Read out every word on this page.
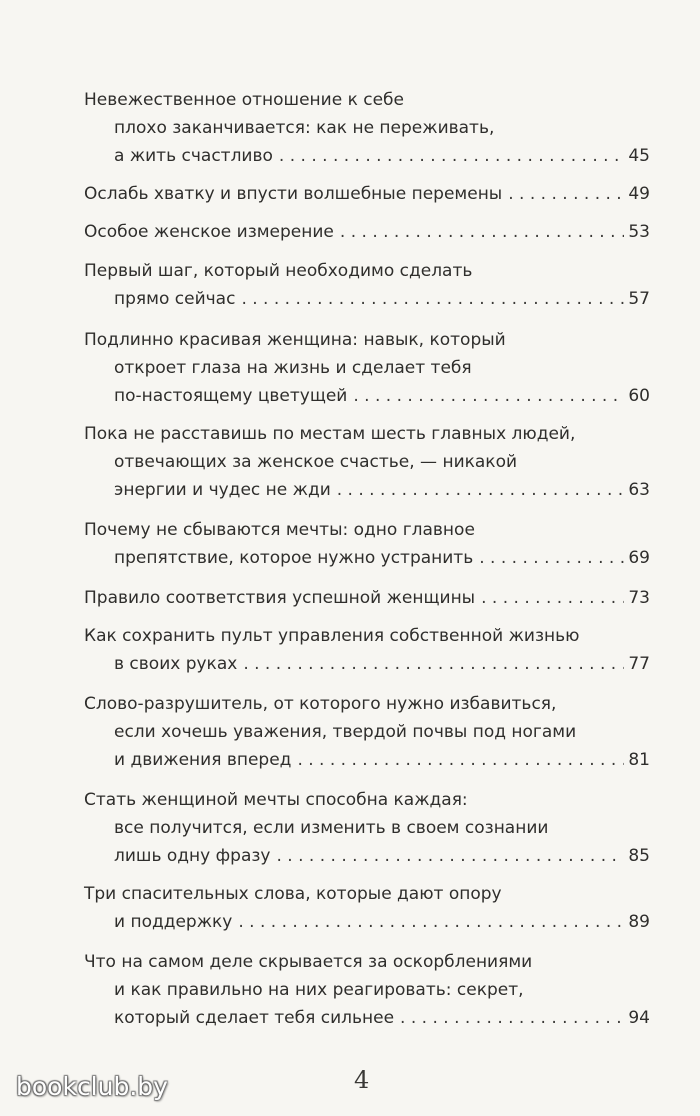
Невежественное отношение к себе
плохо заканчивается: как не переживать,
а жить счастливо . . .	45
Ослабь хватку и впусти волшебные перемены . . .	49
Особое женское измерение . . .	53
Первый шаг, который необходимо сделать
прямо сейчас . . .	57
Подлинно красивая женщина: навык, который
откроет глаза на жизнь и сделает тебя
по-настоящему цветущей . . .	60
Пока не расставишь по местам шесть главных людей,
отвечающих за женское счастье, — никакой
энергии и чудес не жди . . .	63
Почему не сбываются мечты: одно главное
препятствие, которое нужно устранить . . .	69
Правило соответствия успешной женщины . . .	73
Как сохранить пульт управления собственной жизнью
в своих руках . . .	77
Слово-разрушитель, от которого нужно избавиться,
если хочешь уважения, твердой почвы под ногами
и движения вперед . . .	81
Стать женщиной мечты способна каждая:
все получится, если изменить в своем сознании
лишь одну фразу . . .	85
Три спасительных слова, которые дают опору
и поддержку . . .	89
Что на самом деле скрывается за оскорблениями
и как правильно на них реагировать: секрет,
который сделает тебя сильнее . . .	94
bookclub.by	4
